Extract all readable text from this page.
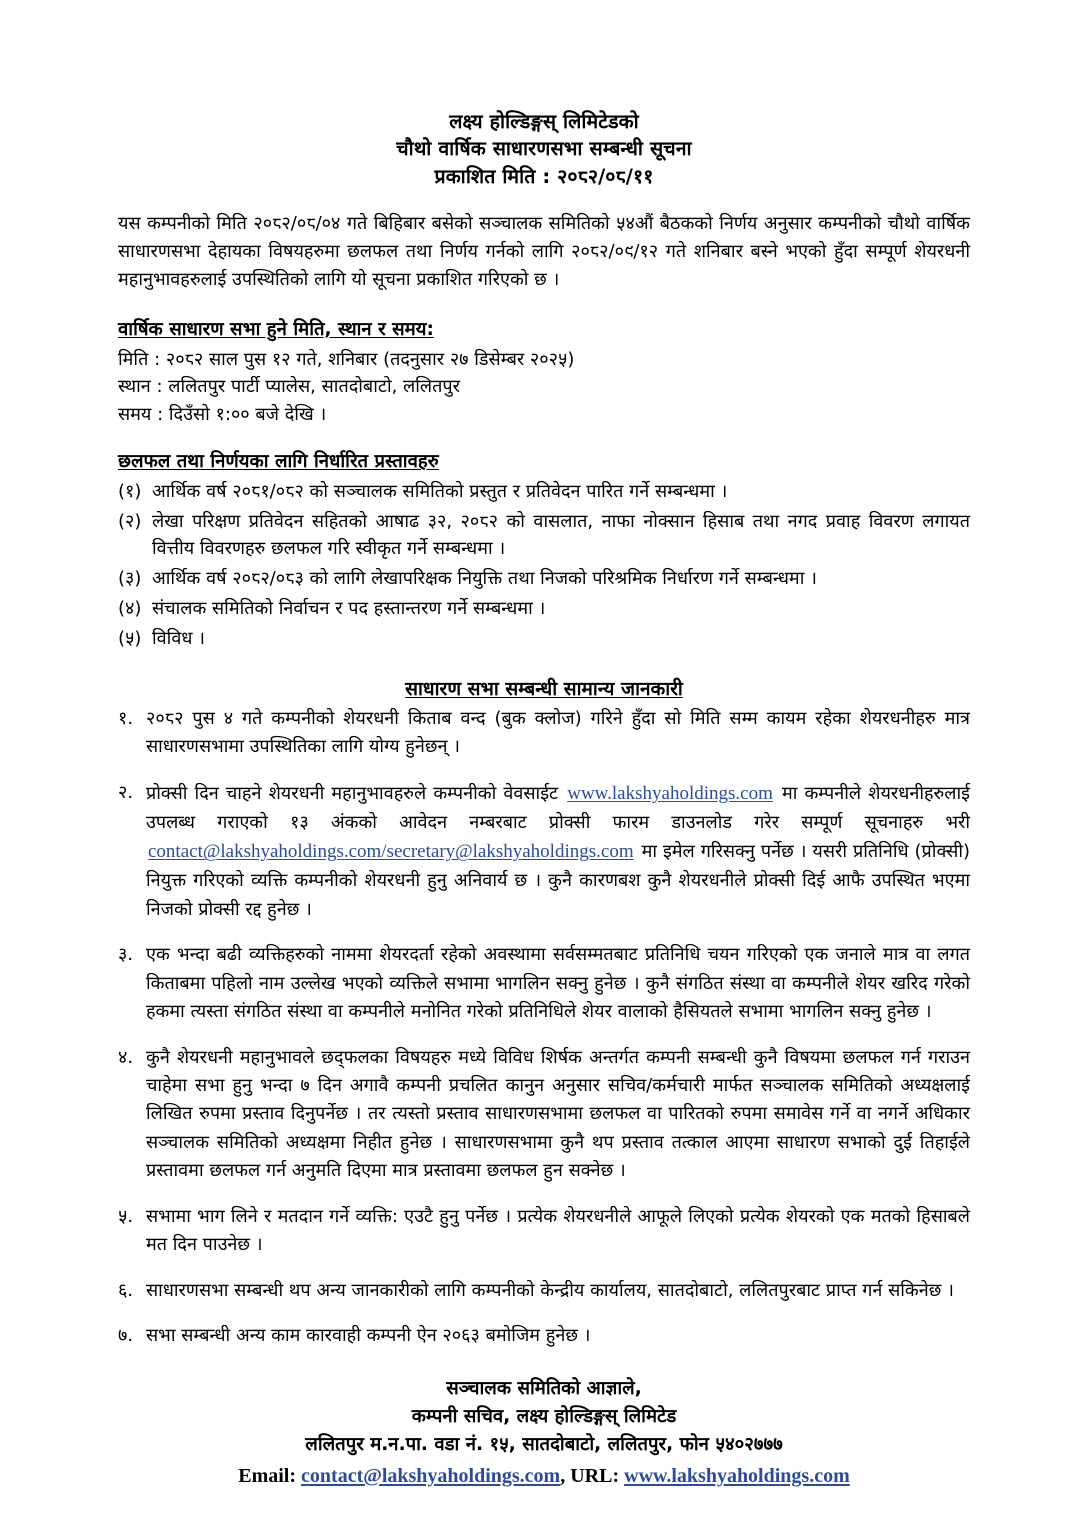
लक्ष्य होल्डिङ्गस् लिमिटेडको
चौथो वार्षिक साधारणसभा सम्बन्धी सूचना
प्रकाशित मिति : २०८२/०८/११

यस कम्पनीको मिति २०८२/०८/०४ गते बिहिबार बसेको सञ्चालक समितिको ५४औं बैठकको निर्णय अनुसार कम्पनीको चौथो वार्षिक साधारणसभा देहायका विषयहरुमा छलफल तथा निर्णय गर्नको लागि २०८२/०९/१२ गते शनिबार बस्ने भएको हुँदा सम्पूर्ण शेयरधनी महानुभावहरुलाई उपस्थितिको लागि यो सूचना प्रकाशित गरिएको छ ।

वार्षिक साधारण सभा हुने मिति, स्थान र समय:
मिति : २०८२ साल पुस १२ गते, शनिबार (तदनुसार २७ डिसेम्बर २०२५)
स्थान : ललितपुर पार्टी प्यालेस, सातदोबाटो, ललितपुर
समय : दिउँसो १:०० बजे देखि ।
छलफल तथा निर्णयका लागि निर्धारित प्रस्तावहरु
(१) आर्थिक वर्ष २०८१/०८२ को सञ्चालक समितिको प्रस्तुत र प्रतिवेदन पारित गर्ने सम्बन्धमा ।
(२) लेखा परिक्षण प्रतिवेदन सहितको आषाढ ३२, २०८२ को वासलात, नाफा नोक्सान हिसाब तथा नगद प्रवाह विवरण लगायत वित्तीय विवरणहरु छलफल गरि स्वीकृत गर्ने सम्बन्धमा ।
(३) आर्थिक वर्ष २०८२/०८३ को लागि लेखापरिक्षक नियुक्ति तथा निजको परिश्रमिक निर्धारण गर्ने सम्बन्धमा ।
(४) संचालक समितिको निर्वाचन र पद हस्तान्तरण गर्ने सम्बन्धमा ।
(५) विविध ।
साधारण सभा सम्बन्धी सामान्य जानकारी
१. २०८२ पुस ४ गते कम्पनीको शेयरधनी किताब वन्द (बुक क्लोज) गरिने हुँदा सो मिति सम्म कायम रहेका शेयरधनीहरु मात्र साधारणसभामा उपस्थितिका लागि योग्य हुनेछन् ।
२. प्रोक्सी दिन चाहने शेयरधनी महानुभावहरुले कम्पनीको वेवसाईट www.lakshyaholdings.com मा कम्पनीले शेयरधनीहरुलाई उपलब्ध गराएको १३ अंकको आवेदन नम्बरबाट प्रोक्सी फारम डाउनलोड गरेर सम्पूर्ण सूचनाहरु भरी contact@lakshyaholdings.com/secretary@lakshyaholdings.com मा इमेल गरिसक्नु पर्नेछ । यसरी प्रतिनिधि (प्रोक्सी) नियुक्त गरिएको व्यक्ति कम्पनीको शेयरधनी हुनु अनिवार्य छ । कुनै कारणबश कुनै शेयरधनीले प्रोक्सी दिई आफै उपस्थित भएमा निजको प्रोक्सी रद्द हुनेछ ।
३. एक भन्दा बढी व्यक्तिहरुको नाममा शेयरदर्ता रहेको अवस्थामा सर्वसम्मतबाट प्रतिनिधि चयन गरिएको एक जनाले मात्र वा लगत किताबमा पहिलो नाम उल्लेख भएको व्यक्तिले सभामा भागलिन सक्नु हुनेछ । कुनै संगठित संस्था वा कम्पनीले शेयर खरिद गरेको हकमा त्यस्ता संगठित संस्था वा कम्पनीले मनोनित गरेको प्रतिनिधिले शेयर वालाको हैसियतले सभामा भागलिन सक्नु हुनेछ ।
४. कुनै शेयरधनी महानुभावले छद्फलका विषयहरु मध्ये विविध शिर्षक अन्तर्गत कम्पनी सम्बन्धी कुनै विषयमा छलफल गर्न गराउन चाहेमा सभा हुनु भन्दा ७ दिन अगावै कम्पनी प्रचलित कानुन अनुसार सचिव/कर्मचारी मार्फत सञ्चालक समितिको अध्यक्षलाई लिखित रुपमा प्रस्ताव दिनुपर्नेछ । तर त्यस्तो प्रस्ताव साधारणसभामा छलफल वा पारितको रुपमा समावेस गर्ने वा नगर्ने अधिकार सञ्चालक समितिको अध्यक्षमा निहीत हुनेछ । साधारणसभामा कुनै थप प्रस्ताव तत्काल आएमा साधारण सभाको दुई तिहाईले प्रस्तावमा छलफल गर्न अनुमति दिएमा मात्र प्रस्तावमा छलफल हुन सक्नेछ ।
५. सभामा भाग लिने र मतदान गर्ने व्यक्ति: एउटै हुनु पर्नेछ । प्रत्येक शेयरधनीले आफूले लिएको प्रत्येक शेयरको एक मतको हिसाबले मत दिन पाउनेछ ।
६. साधारणसभा सम्बन्धी थप अन्य जानकारीको लागि कम्पनीको केन्द्रीय कार्यालय, सातदोबाटो, ललितपुरबाट प्राप्त गर्न सकिनेछ ।
७. सभा सम्बन्धी अन्य काम कारवाही कम्पनी ऐन २०६३ बमोजिम हुनेछ ।
सञ्चालक समितिको आज्ञाले,
कम्पनी सचिव, लक्ष्य होल्डिङ्गस् लिमिटेड
ललितपुर म.न.पा. वडा नं. १५, सातदोबाटो, ललितपुर, फोन ५४०२७७७
Email: contact@lakshyaholdings.com, URL: www.lakshyaholdings.com
